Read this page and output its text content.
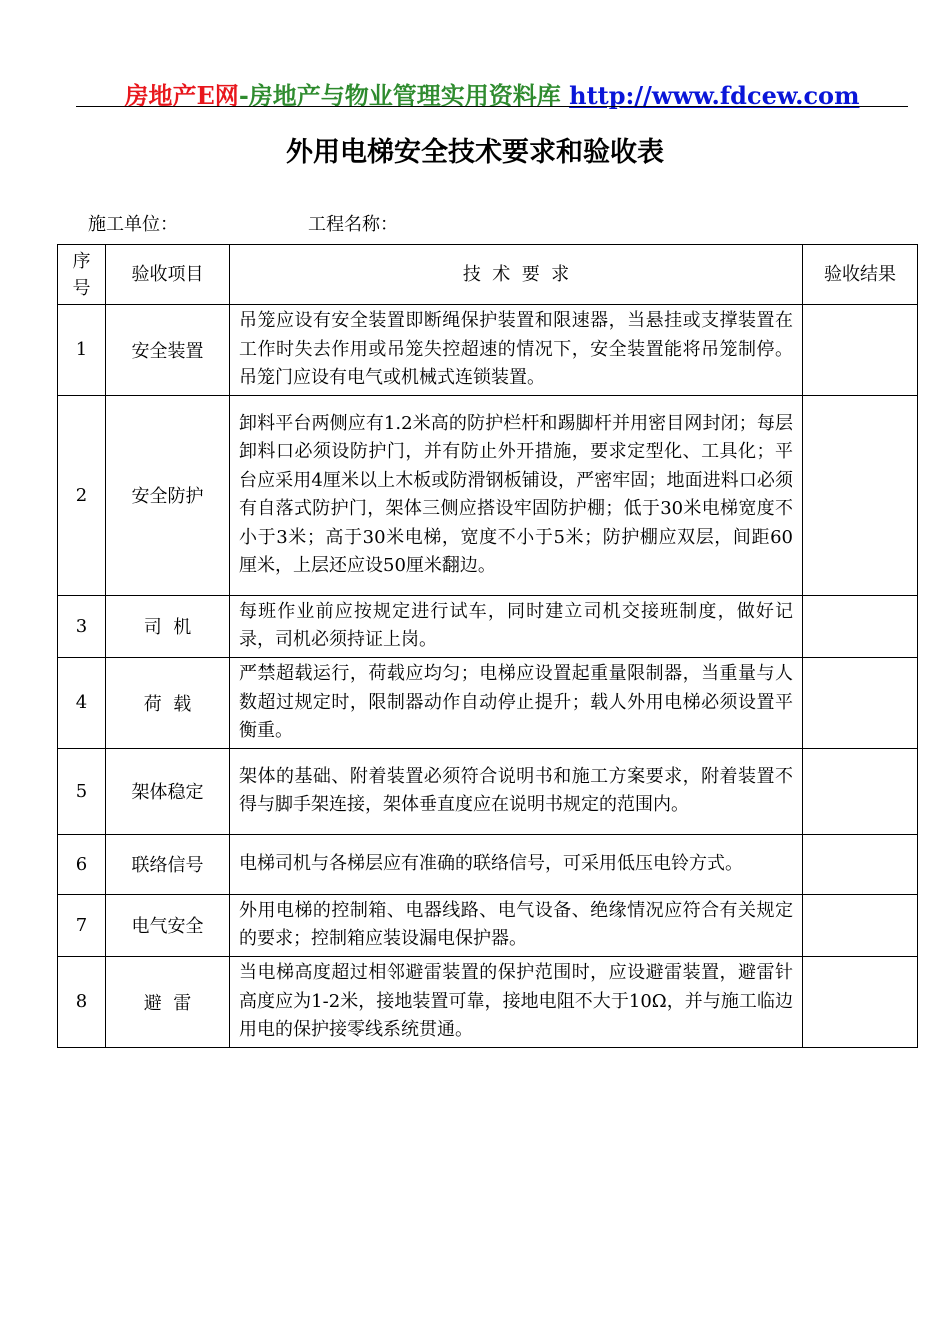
房地产E网-房地产与物业管理实用资料库 http://www.fdcew.com
外用电梯安全技术要求和验收表
施工单位：	工程名称：
序号	验收项目	技  术  要  求	验收结果
1	安全装置	吊笼应设有安全装置即断绳保护装置和限速器，当悬挂或支撑装置在工作时失去作用或吊笼失控超速的情况下，安全装置能将吊笼制停。吊笼门应设有电气或机械式连锁装置。	
2	安全防护	卸料平台两侧应有1.2米高的防护栏杆和踢脚杆并用密目网封闭；每层卸料口必须设防护门，并有防止外开措施，要求定型化、工具化；平台应采用4厘米以上木板或防滑钢板铺设，严密牢固；地面进料口必须有自落式防护门，架体三侧应搭设牢固防护棚；低于30米电梯宽度不小于3米；高于30米电梯，宽度不小于5米；防护棚应双层，间距60厘米，上层还应设50厘米翻边。	
3	司  机	每班作业前应按规定进行试车，同时建立司机交接班制度，做好记录，司机必须持证上岗。	
4	荷  载	严禁超载运行，荷载应均匀；电梯应设置起重量限制器，当重量与人数超过规定时，限制器动作自动停止提升；载人外用电梯必须设置平衡重。	
5	架体稳定	架体的基础、附着装置必须符合说明书和施工方案要求，附着装置不得与脚手架连接，架体垂直度应在说明书规定的范围内。	
6	联络信号	电梯司机与各梯层应有准确的联络信号，可采用低压电铃方式。	
7	电气安全	外用电梯的控制箱、电器线路、电气设备、绝缘情况应符合有关规定的要求；控制箱应装设漏电保护器。	
8	避  雷	当电梯高度超过相邻避雷装置的保护范围时，应设避雷装置，避雷针高度应为1-2米，接地装置可靠，接地电阻不大于10Ω，并与施工临边用电的保护接零线系统贯通。	
